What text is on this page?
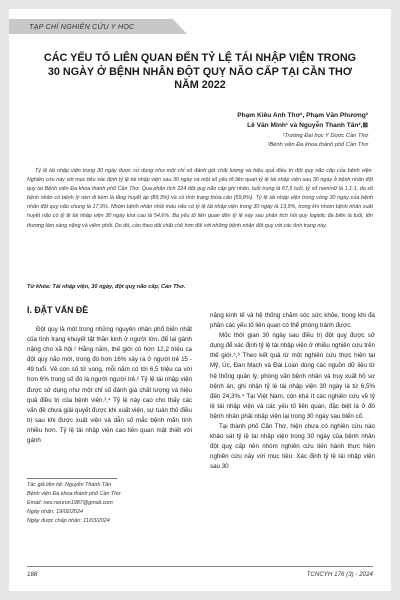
TẠP CHÍ NGHIÊN CỨU Y HỌC
CÁC YẾU TỐ LIÊN QUAN ĐẾN TỶ LỆ TÁI NHẬP VIỆN TRONG 30 NGÀY Ở BỆNH NHÂN ĐỘT QUỴ NÃO CẤP TẠI CẦN THƠ NĂM 2022
Phạm Kiều Anh Thơ¹, Phạm Văn Phương²
Lê Văn Minh¹ và Nguyễn Thanh Tân²,⊠
¹Trường Đại học Y Dược Cần Thơ
²Bệnh viện Đa khoa thành phố Cần Thơ
Tỷ lệ tái nhập viện trong 30 ngày được sử dụng như một chỉ số đánh giá chất lượng và hiệu quả điều trị đột quỵ não cấp của bệnh viện. Nghiên cứu này với mục tiêu xác định tỷ lệ tái nhập viện sau 30 ngày và một số yếu tố liên quan tỷ lệ tái nhập viện sau 30 ngày ở bệnh nhân đột quỵ tại Bệnh viện Đa khoa thành phố Cần Thơ. Qua phân tích 224 đột quỵ não cấp ghi nhận, tuổi trung là 67,5 tuổi, tỷ số nam/nữ là 1,1:1, đa số bệnh nhân có bệnh lý nền đi kèm là tăng huyết áp (89,3%) và có tình trạng thừa cân (59,8%). Tỷ lệ tái nhập viện trong vòng 30 ngày của bệnh nhân đột quỵ não chung là 17,9%. Nhóm bệnh nhân nhồi máu não có tỷ lệ tái nhập viện trong 30 ngày là 13,9%, trong khi nhóm bệnh nhân xuất huyết não có tỷ lệ tái nhập viện 30 ngày khá cao là 54,6%. Ba yếu tố liên quan đến tỷ lệ này sau phân tích hồi quy logistic đa biến là tuổi, tổn thương làm sàng nặng và viêm phổi. Do đó, cần theo dõi chặt chẽ hơn đối với những bệnh nhân đột quỵ với các tình trạng này.
Từ khóa: Tái nhập viện, 30 ngày, đột quỵ não cấp, Cần Thơ.
I. ĐẶT VẤN ĐỀ

Đột quỵ là một trong những nguyên nhân phổ biến nhất của tình trạng khuyết tật thần kinh ở người lớn, để lại gánh nặng cho xã hội.¹ Hằng năm, thế giới có hơn 12,2 triệu ca đột quỵ não mới, trong đó hơn 16% xảy ra ở người trẻ 15 - 49 tuổi. Về con số tử vong, mỗi năm có tới 6,5 triệu ca với hơn 6% trong số đó là người người trẻ.² Tỷ lệ tái nhập viện được sử dụng như một chỉ số đánh giá chất lượng và hiệu quả điều trị của bệnh viện.³,⁴ Tỷ lệ này cao cho thấy các vấn đề chưa giải quyết được khi xuất viện, sự tuân thủ điều trị sau khi được xuất viện và dẫn số mắc bệnh mãn tính nhiều hơn. Tỷ lệ tái nhập viện cao liên quan mật thiết với gánh

nặng kinh tế và hệ thống chăm sóc sức khỏe, trong khi đa phần các yếu tố liên quan có thể phòng tránh được.

Mốc thời gian 30 ngày sau điều trị đột quỵ được sử dụng để xác định tỷ lệ tái nhập viện ở nhiều nghiên cứu trên thế giới.⁵,⁶ Theo kết quả từ một nghiên cứu thực hiện tại Mỹ, Úc, Đan Mạch và Đài Loan dùng các nguồn dữ liệu từ hệ thống quản lý, phòng vấn bệnh nhân và truy xuất hồ sơ bệnh án, ghi nhận tỷ lệ tái nhập viện 30 ngày là từ 6,5% đến 24,3%.⁴ Tại Việt Nam, còn khá ít các nghiên cứu về tỷ lệ tái nhập viện và các yếu tố liên quan, đặc biệt là ở đó bệnh nhân phải nhập viện lại trong 30 ngày sau biến cố.

Tại thành phố Cần Thơ, hiện chưa có nghiên cứu nào khảo sát tỷ lệ tái nhập viện trong 30 ngày của bệnh nhân đột quỵ cấp nên nhóm nghiên cứu tiến hành thực hiện nghiên cứu này với mục tiêu: Xác định tỷ lệ tái nhập viện sau 30

Tác giả liên hệ: Nguyễn Thanh Tân
Bệnh viện Đa khoa thành phố Cần Thơ
Email: neo.neuron1987@gmail.com
Ngày nhận: 19/02/2024
Ngày được chấp nhận: 11/03/2024
188	TCNCYH 176 (3) - 2024
